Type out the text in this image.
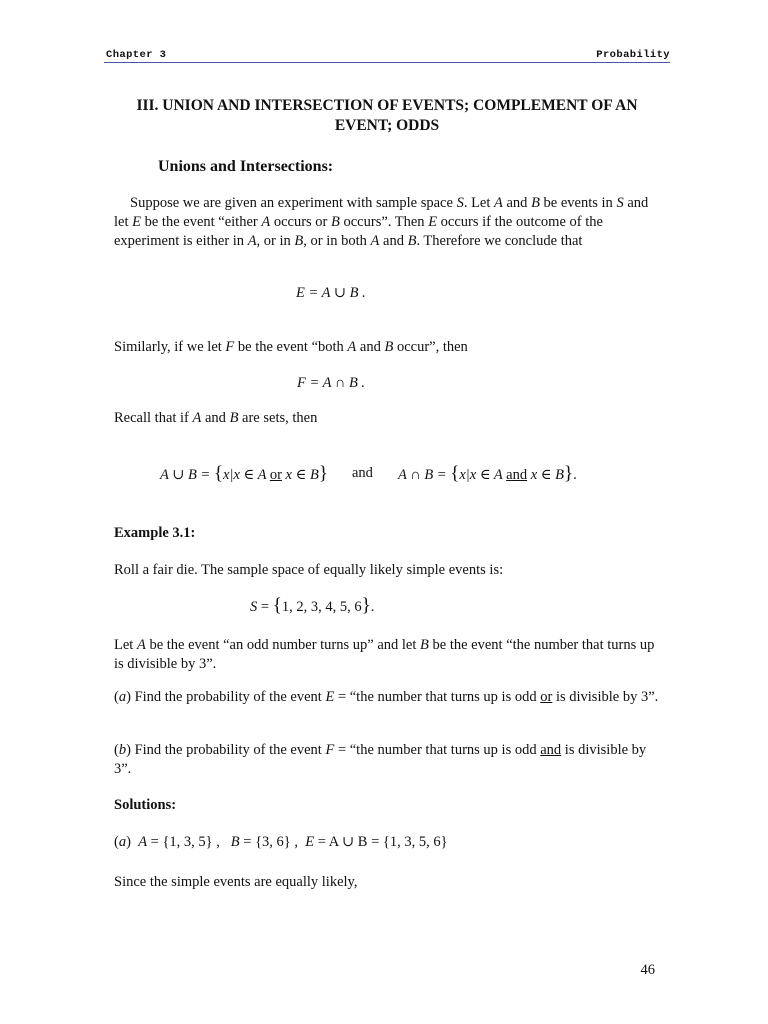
Chapter 3	Probability
III. UNION AND INTERSECTION OF EVENTS; COMPLEMENT OF AN EVENT; ODDS
Unions and Intersections:
Suppose we are given an experiment with sample space S. Let A and B be events in S and let E be the event “either A occurs or B occurs”. Then E occurs if the outcome of the experiment is either in A, or in B, or in both A and B. Therefore we conclude that
E = A ∪ B .
Similarly, if we let F be the event “both A and B occur”, then
F = A ∩ B .
Recall that if A and B are sets, then
A ∪ B = {x|x ∈ A or x ∈ B} and A ∩ B = {x|x ∈ A and x ∈ B}.
Example 3.1:
Roll a fair die. The sample space of equally likely simple events is:
S = {1, 2, 3, 4, 5, 6}.
Let A be the event “an odd number turns up” and let B be the event “the number that turns up is divisible by 3”.
(a) Find the probability of the event E = “the number that turns up is odd or is divisible by 3”.
(b) Find the probability of the event F = “the number that turns up is odd and is divisible by 3”.
Solutions:
(a)  A = {1, 3, 5} , B = {3, 6} , E = A ∪ B = {1, 3, 5, 6}
Since the simple events are equally likely,
46
